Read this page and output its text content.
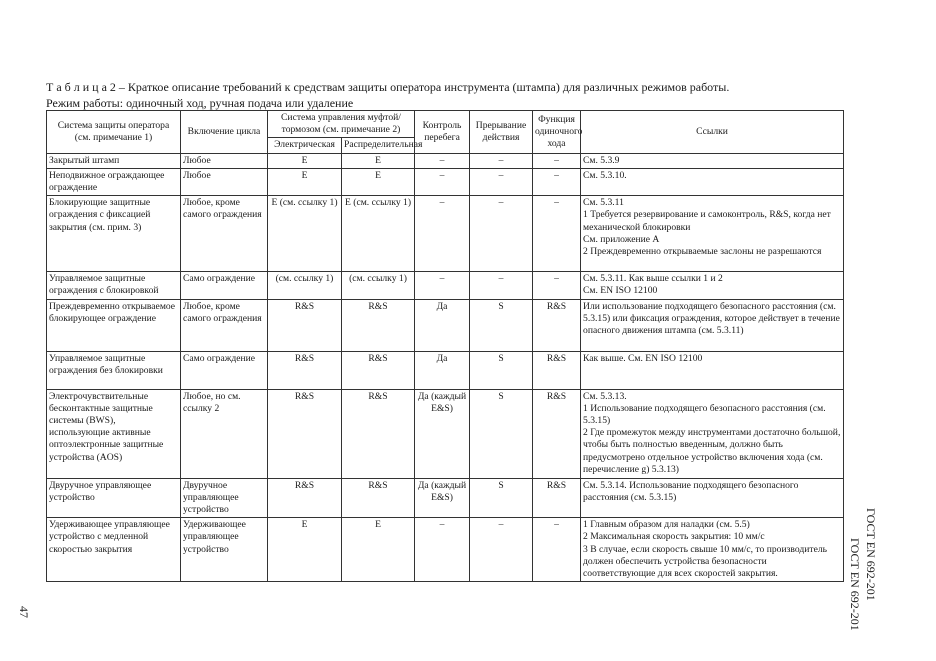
Т а б л и ц а 2 – Краткое описание требований к средствам защиты оператора инструмента (штампа) для различных режимов работы.
Режим работы: одиночный ход, ручная подача или удаление
Система защиты оператора (см. примечание 1)	Включение цикла	Система управления муфтой/тормозом (см. примечание 2)		Контроль перебега	Прерывание действия	Функция одиночного хода	Ссылки
		Электрическая	Распределительная				
Закрытый штамп	Любое	Е	Е	–	–	–	См. 5.3.9

Неподвижное ограждающее ограждение	Любое	Е	Е	–	–	–	См. 5.3.10.

Блокирующие защитные ограждения с фиксацией закрытия (см. прим. 3)	Любое, кроме самого ограждения	Е (см. ссылку 1)	Е (см. ссылку 1)	–	–	–	См. 5.3.11
1 Требуется резервирование и самоконтроль, R&S, когда нет механической блокировки
См. приложение А
2 Преждевременно открываемые заслоны не разрешаются

Управляемое защитные ограждения с блокировкой	Само ограждение	(см. ссылку 1)	(см. ссылку 1)	–	–	–	См. 5.3.11. Как выше ссылки 1 и 2
См. EN ISO 12100

Преждевременно открываемое блокирующее ограждение	Любое, кроме самого ограждения	R&S	R&S	Да	S	R&S	Или использование подходящего безопасного расстояния (см. 5.3.15) или фиксация ограждения, которое действует в течение опасного движения штампа (см. 5.3.11)

Управляемое защитные ограждения без блокировки	Само ограждение	R&S	R&S	Да	S	R&S	Как выше. См. EN ISO 12100

Электрочувствительные бесконтактные защитные системы (BWS), использующие активные оптоэлектронные защитные устройства (AOS)	Любое, но см. ссылку 2	R&S	R&S	Да (каждый E&S)	S	R&S	См. 5.3.13.
1 Использование подходящего безопасного расстояния (см. 5.3.15)
2 Где промежуток между инструментами достаточно большой, чтобы быть полностью введенным, должно быть предусмотрено отдельное устройство включения хода (см. перечисление g) 5.3.13)

Двуручное управляющее устройство	Двуручное управляющее устройство	R&S	R&S	Да (каждый E&S)	S	R&S	См. 5.3.14. Использование подходящего безопасного расстояния (см. 5.3.15)

Удерживающее управляющее устройство с медленной скоростью закрытия	Удерживающее управляющее устройство	Е	Е	–	–	–	1 Главным образом для наладки (см. 5.5)
2 Максимальная скорость закрытия: 10 мм/с
3 В случае, если скорость свыше 10 мм/с, то производитель должен обеспечить устройства безопасности соответствующие для всех скоростей закрытия.	ГОСТ EN 692-201 ГОСТ EN 692-201
47
